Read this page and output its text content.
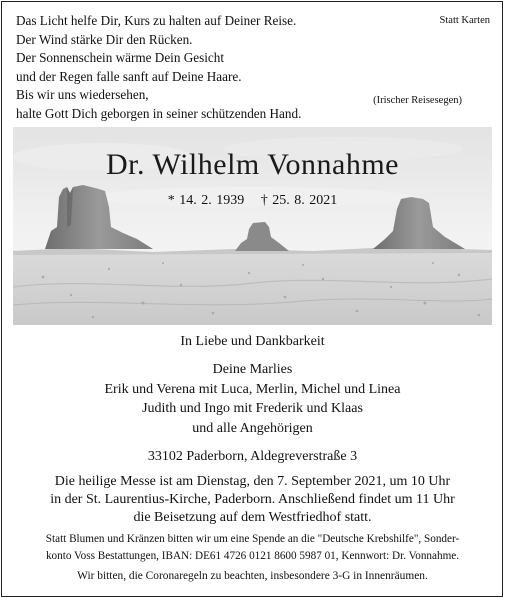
Das Licht helfe Dir, Kurs zu halten auf Deiner Reise.
Der Wind stärke Dir den Rücken.
Der Sonnenschein wärme Dein Gesicht
und der Regen falle sanft auf Deine Haare.
Bis wir uns wiedersehen,
halte Gott Dich geborgen in seiner schützenden Hand.
Statt Karten
(Irischer Reisesegen)
Dr. Wilhelm Vonnahme
* 14. 2. 1939 † 25. 8. 2021
In Liebe und Dankbarkeit
Deine Marlies
Erik und Verena mit Luca, Merlin, Michel und Linea
Judith und Ingo mit Frederik und Klaas
und alle Angehörigen
33102 Paderborn, Aldegreverstraße 3
Die heilige Messe ist am Dienstag, den 7. September 2021, um 10 Uhr
in der St. Laurentius-Kirche, Paderborn. Anschließend findet um 11 Uhr
die Beisetzung auf dem Westfriedhof statt.
Statt Blumen und Kränzen bitten wir um eine Spende an die "Deutsche Krebshilfe", Sonder-
konto Voss Bestattungen, IBAN: DE61 4726 0121 8600 5987 01, Kennwort: Dr. Vonnahme.
Wir bitten, die Coronaregeln zu beachten, insbesondere 3-G in Innenräumen.
